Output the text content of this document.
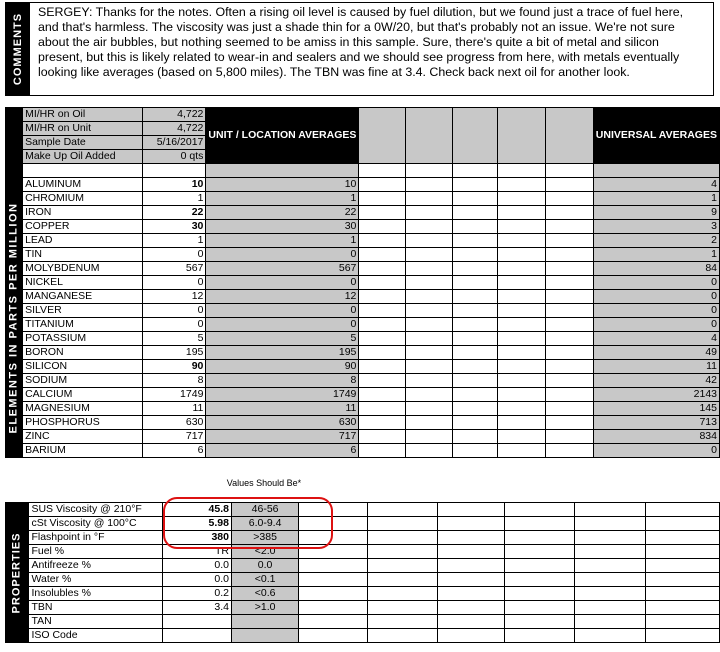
COMMENTS
SERGEY: Thanks for the notes. Often a rising oil level is caused by fuel dilution, but we found just a trace of fuel here, and that's harmless. The viscosity was just a shade thin for a 0W/20, but that's probably not an issue. We're not sure about the air bubbles, but nothing seemed to be amiss in this sample. Sure, there's quite a bit of metal and silicon present, but this is likely related to wear-in and sealers and we should see progress from here, with metals eventually looking like averages (based on 5,800 miles). The TBN was fine at 3.4. Check back next oil for another look.
	MI/HR on Oil	4,722	UNIT / LOCATION AVERAGES						UNIVERSAL AVERAGES
	MI/HR on Unit	4,722							
	Sample Date	5/16/2017							
	Make Up Oil Added	0 qts							

ELEMENTS IN PARTS PER MILLION	ALUMINUM	10	10						4
	CHROMIUM	1	1						1
	IRON	22	22						9
	COPPER	30	30						3
	LEAD	1	1						2
	TIN	0	0						1
	MOLYBDENUM	567	567						84
	NICKEL	0	0						0
	MANGANESE	12	12						0
	SILVER	0	0						0
	TITANIUM	0	0						0
	POTASSIUM	5	5						4
	BORON	195	195						49
	SILICON	90	90						11
	SODIUM	8	8						42
	CALCIUM	1749	1749						2143
	MAGNESIUM	11	11						145
	PHOSPHORUS	630	630						713
	ZINC	717	717						834
	BARIUM	6	6						0
Values Should Be*
PROPERTIES	SUS Viscosity @ 210°F	45.8	46-56						
	cSt Viscosity @ 100°C	5.98	6.0-9.4						
	Flashpoint in °F	380	>385						
	Fuel %	TR	<2.0						
	Antifreeze %	0.0	0.0						
	Water %	0.0	<0.1						
	Insolubles %	0.2	<0.6						
	TBN	3.4	>1.0						
	TAN								
	ISO Code								
